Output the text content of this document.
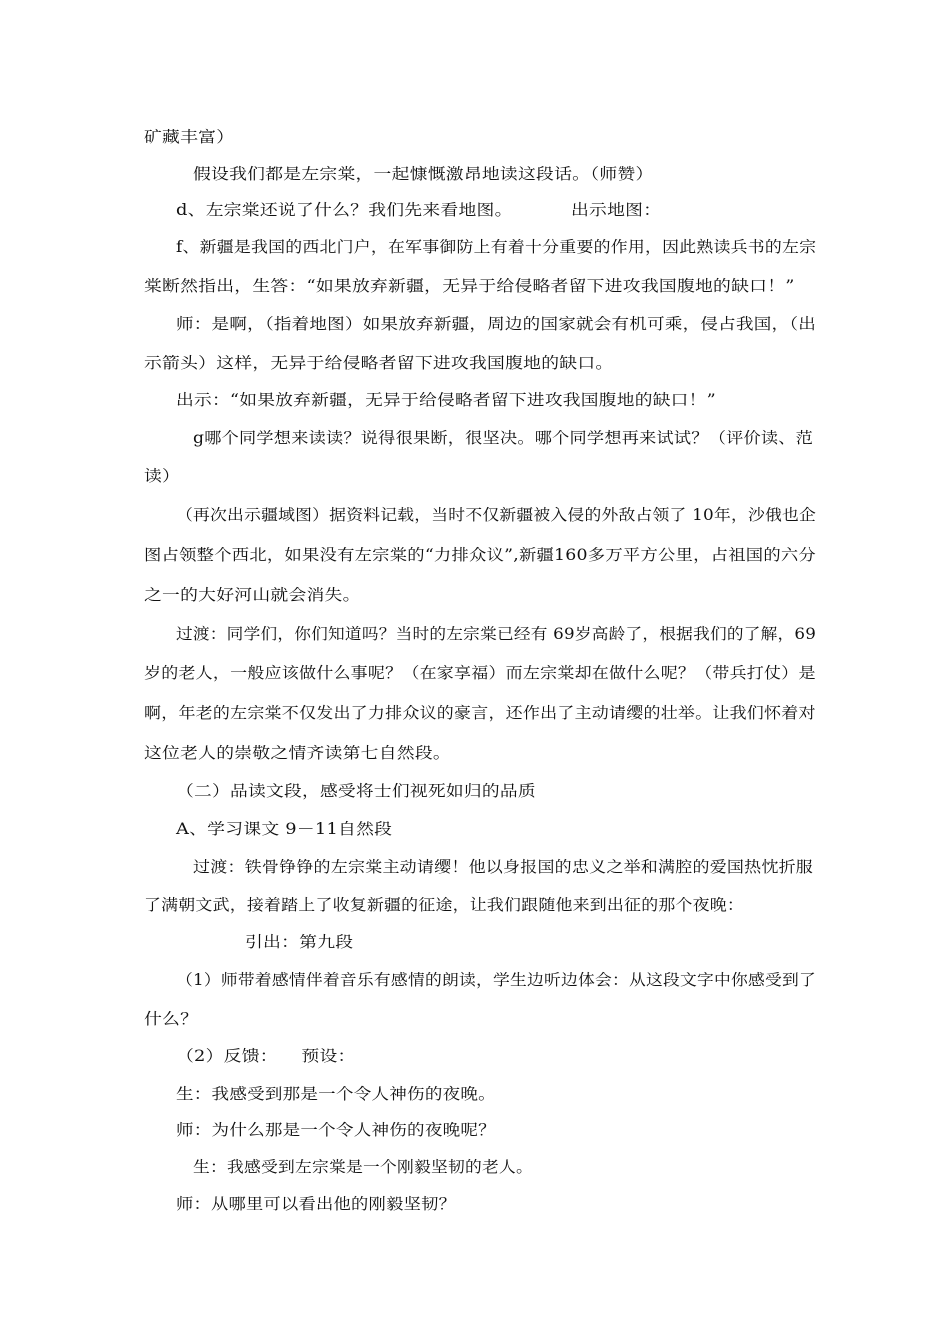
矿藏丰富）
假设我们都是左宗棠，一起慷慨激昂地读这段话。（师赞）
d、左宗棠还说了什么？我们先来看地图。	出示地图：
f、新疆是我国的西北门户，在军事御防上有着十分重要的作用，因此熟读兵书的左宗
棠断然指出，生答：“如果放弃新疆，无异于给侵略者留下进攻我国腹地的缺口！”
师：是啊，（指着地图）如果放弃新疆，周边的国家就会有机可乘，侵占我国，（出
示箭头）这样，无异于给侵略者留下进攻我国腹地的缺口。
出示：“如果放弃新疆，无异于给侵略者留下进攻我国腹地的缺口！”
g哪个同学想来读读？说得很果断，很坚决。哪个同学想再来试试？（评价读、范
读）
（再次出示疆域图）据资料记载，当时不仅新疆被入侵的外敌占领了 10年，沙俄也企
图占领整个西北，如果没有左宗棠的“力排众议”,新疆160多万平方公里，占祖国的六分
之一的大好河山就会消失。
过渡：同学们，你们知道吗？当时的左宗棠已经有 69岁高龄了，根据我们的了解，69
岁的老人，一般应该做什么事呢？（在家享福）而左宗棠却在做什么呢？（带兵打仗）是
啊，年老的左宗棠不仅发出了力排众议的豪言，还作出了主动请缨的壮举。让我们怀着对
这位老人的崇敬之情齐读第七自然段。
（二）品读文段，感受将士们视死如归的品质
A、学习课文 9－11自然段
过渡：铁骨铮铮的左宗棠主动请缨！他以身报国的忠义之举和满腔的爱国热忱折服
了满朝文武，接着踏上了收复新疆的征途，让我们跟随他来到出征的那个夜晚：
引出：第九段
（1）师带着感情伴着音乐有感情的朗读，学生边听边体会：从这段文字中你感受到了
什么？
（2）反馈：    预设：
生：我感受到那是一个令人神伤的夜晚。
师：为什么那是一个令人神伤的夜晚呢？
生：我感受到左宗棠是一个刚毅坚韧的老人。
师：从哪里可以看出他的刚毅坚韧？
